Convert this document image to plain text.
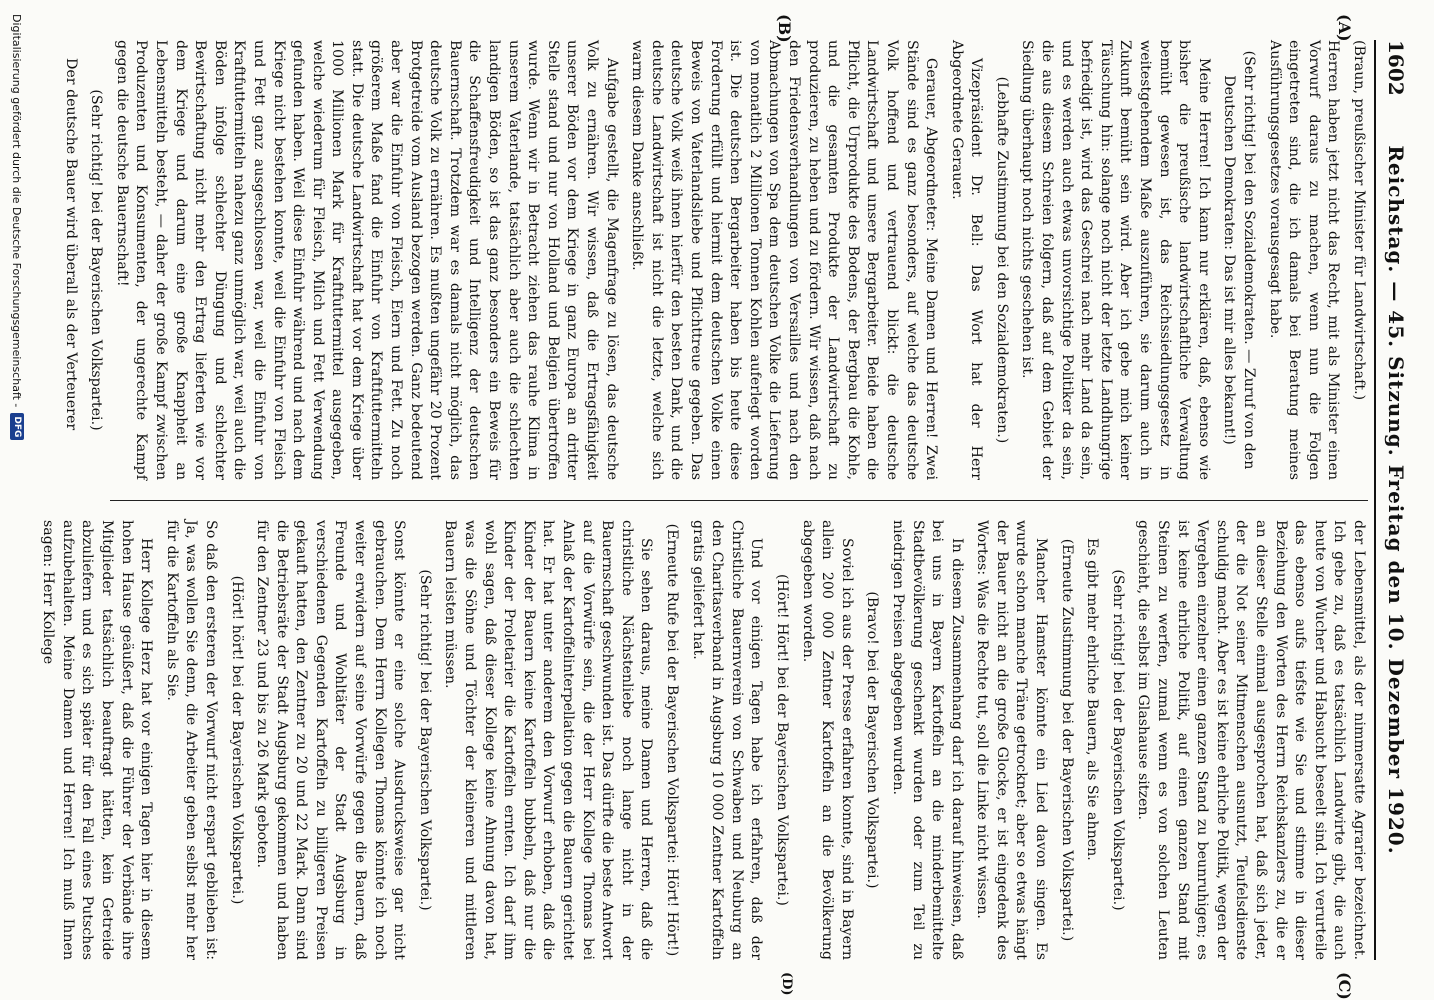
1602
Reichstag. — 45. Sitzung. Freitag den 10. Dezember 1920.
(A)
(B)
(C)
(D)

(Braun, preußischer Minister für Landwirtschaft.)

Herren haben jetzt nicht das Recht, mit als Minister einen Vorwurf daraus zu machen, wenn nun die Folgen eingetreten sind, die ich damals bei Beratung meines Ausführungsgesetzes vorausgesagt habe.

(Sehr richtig! bei den Sozialdemokraten. — Zuruf von den Deutschen Demokraten: Das ist mir alles bekannt!)

Meine Herren! Ich kann nur erklären, daß, ebenso wie bisher die preußische landwirtschaftliche Verwaltung bemüht gewesen ist, das Reichssiedlungsgesetz in weitestgehendem Maße auszuführen, sie darum auch in Zukunft bemüht sein wird. Aber ich gebe mich keiner Täuschung hin: solange noch nicht der letzte Landhungrige befriedigt ist, wird das Geschrei nach mehr Land da sein, und es werden auch etwas unvorsichtige Politiker da sein, die aus diesem Schreien folgern, daß auf dem Gebiet der Siedlung überhaupt noch nichts geschehen ist.

(Lebhafte Zustimmung bei den Sozialdemokraten.)

Vizepräsident Dr. Bell: Das Wort hat der Herr Abgeordnete Gerauer.

Gerauer, Abgeordneter: Meine Damen und Herren! Zwei Stände sind es ganz besonders, auf welche das deutsche Volk hoffend und vertrauend blickt: die deutsche Landwirtschaft und unsere Bergarbeiter. Beide haben die Pflicht, die Urprodukte des Bodens, der Bergbau die Kohle, und die gesamten Produkte der Landwirtschaft zu produzieren, zu heben und zu fördern. Wir wissen, daß nach den Friedensverhandlungen von Versailles und nach den Abmachungen von Spa dem deutschen Volke die Lieferung von monatlich 2 Millionen Tonnen Kohlen auferlegt worden ist. Die deutschen Bergarbeiter haben bis heute diese Forderung erfüllt und hiermit dem deutschen Volke einen Beweis von Vaterlandsliebe und Pflichttreue gegeben. Das deutsche Volk weiß ihnen hierfür den besten Dank, und die deutsche Landwirtschaft ist nicht die letzte, welche sich warm diesem Danke anschließt.

Aufgabe gestellt, die Magenfrage zu lösen, das deutsche Volk zu ernähren. Wir wissen, daß die Ertragsfähigkeit unserer Böden vor dem Kriege in ganz Europa an dritter Stelle stand und nur von Holland und Belgien übertroffen wurde. Wenn wir in Betracht ziehen das rauhe Klima in unserem Vaterlande, tatsächlich aber auch die schlechten landigen Böden, so ist das ganz besonders ein Beweis für die Schaffensfreudigkeit und Intelligenz der deutschen Bauernschaft. Trotzdem war es damals nicht möglich, das deutsche Volk zu ernähren. Es mußten ungefähr 20 Prozent Brotgetreide vom Ausland bezogen werden. Ganz bedeutend aber war die Einfuhr von Fleisch, Eiern und Fett. Zu noch größerem Maße fand die Einfuhr von Kraftfuttermitteln statt. Die deutsche Landwirtschaft hat vor dem Kriege über 1000 Millionen Mark für Kraftfuttermittel ausgegeben, welche wiederum für Fleisch, Milch und Fett Verwendung gefunden haben. Weil diese Einfuhr während und nach dem Kriege nicht bestehen konnte, weil die Einfuhr von Fleisch und Fett ganz ausgeschlossen war, weil die Einfuhr von Kraftfuttermitteln nahezu ganz unmöglich war, weil auch die Böden infolge schlechter Düngung und schlechter Bewirtschaftung nicht mehr den Ertrag lieferten wie vor dem Kriege und darum eine große Knappheit an Lebensmitteln besteht, — daher der große Kampf zwischen Produzenten und Konsumenten, der ungerechte Kampf gegen die deutsche Bauernschaft!

(Sehr richtig! bei der Bayerischen Volkspartei.)

Der deutsche Bauer wird überall als der Verteuerer

der Lebensmittel, als der nimmersatte Agrarier bezeichnet. Ich gebe zu, daß es tatsächlich Landwirte gibt, die auch heute von Wucher und Habsucht beseelt sind. Ich verurteile das ebenso aufs tiefste wie Sie und stimme in dieser Beziehung den Worten des Herrn Reichskanzlers zu, die er an dieser Stelle einmal ausgesprochen hat, daß sich jeder, der die Not seiner Mitmenschen ausnutzt, Teufelsdienste schuldig macht. Aber es ist keine ehrliche Politik, wegen der Vergehen einzelner einen ganzen Stand zu beunruhigen; es ist keine ehrliche Politik, auf einen ganzen Stand mit Steinen zu werfen, zumal wenn es von solchen Leuten geschieht, die selbst im Glashause sitzen.

(Sehr richtig! bei der Bayerischen Volkspartei.)

Es gibt mehr ehrliche Bauern, als Sie ahnen.

(Erneute Zustimmung bei der Bayerischen Volkspartei.)

Mancher Hamster könnte ein Lied davon singen. Es wurde schon manche Träne getrocknet; aber so etwas hängt der Bauer nicht an die große Glocke, er ist eingedenk des Wortes: Was die Rechte tut, soll die Linke nicht wissen.

In diesem Zusammenhang darf ich darauf hinweisen, daß bei uns in Bayern Kartoffeln an die minderbemittelte Stadtbevölkerung geschenkt wurden oder zum Teil zu niedrigen Preisen abgegeben wurden.

(Bravo! bei der Bayerischen Volkspartei.)

Soviel ich aus der Presse erfahren konnte, sind in Bayern allein 200 000 Zentner Kartoffeln an die Bevölkerung abgegeben worden.

(Hört! Hört! bei der Bayerischen Volkspartei.)

Und vor einigen Tagen habe ich erfahren, daß der Christliche Bauernverein von Schwaben und Neuburg an den Charitasverband in Augsburg 10 000 Zentner Kartoffeln gratis geliefert hat.

(Erneute Rufe bei der Bayerischen Volkspartei: Hört! Hört!)

Sie sehen daraus, meine Damen und Herren, daß die christliche Nächstenliebe noch lange nicht in der Bauernschaft geschwunden ist. Das dürfte die beste Antwort auf die Vorwürfe sein, die der Herr Kollege Thomas bei Anlaß der Kartoffelinterpellation gegen die Bauern gerichtet hat. Er hat unter anderem den Vorwurf erhoben, daß die Kinder der Bauern keine Kartoffeln bubbeln, daß nur die Kinder der Proletarier die Kartoffeln ernten. Ich darf ihm wohl sagen, daß dieser Kollege keine Ahnung davon hat, was die Söhne und Töchter der kleineren und mittleren Bauern leisten müssen.

(Sehr richtig! bei der Bayerischen Volkspartei.)

Sonst könnte er eine solche Ausdrucksweise gar nicht gebrauchen. Dem Herrn Kollegen Thomas könnte ich noch weiter erwidern auf seine Vorwürfe gegen die Bauern, daß Freunde und Wohltäter der Stadt Augsburg in verschiedenen Gegenden Kartoffeln zu billigeren Preisen gekauft hatten, den Zentner zu 20 und 22 Mark. Dann sind die Betriebsräte der Stadt Augsburg gekommen und haben für den Zentner 23 und bis zu 26 Mark geboten.

(Hört! hört! bei der Bayerischen Volkspartei.)

So daß den ersteren der Vorwurf nicht erspart geblieben ist: Ja, was wollen Sie denn, die Arbeiter geben selbst mehr her für die Kartoffeln als Sie.

Herr Kollege Herz hat vor einigen Tagen hier in diesem hohen Hause geäußert, daß die Führer der Verbände ihre Mitglieder tatsächlich beauftragt hätten, kein Getreide abzuliefern und es sich später für den Fall eines Putsches aufzubehalten. Meine Damen und Herren! Ich muß Ihnen sagen: Herr Kollege

Digitalisierung gefördert durch die Deutsche Forschungsgemeinschaft -
DFG
